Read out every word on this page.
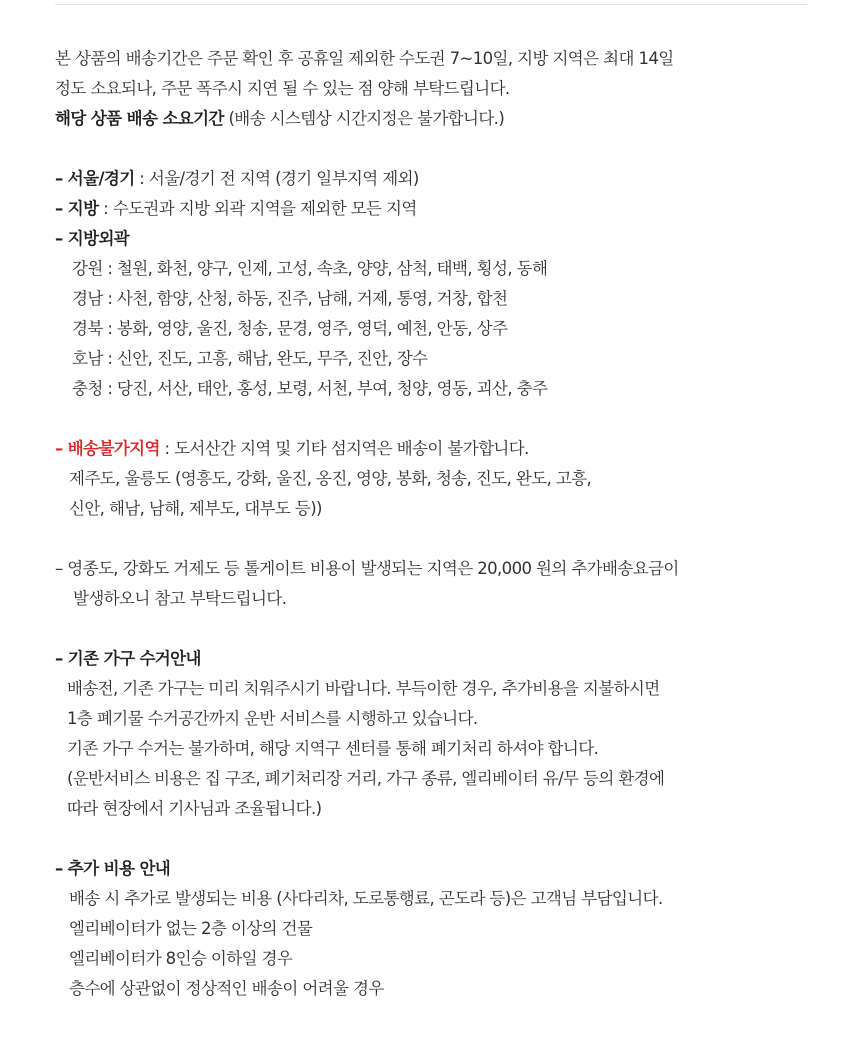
본 상품의 배송기간은 주문 확인 후 공휴일 제외한 수도권 7~10일, 지방 지역은 최대 14일
정도 소요되나, 주문 폭주시 지연 될 수 있는 점 양해 부탁드립니다.
해당 상품 배송 소요기간 (배송 시스템상 시간지정은 불가합니다.)
– 서울/경기 : 서울/경기 전 지역 (경기 일부지역 제외)
– 지방 : 수도권과 지방 외곽 지역을 제외한 모든 지역
– 지방외곽
강원 : 철원, 화천, 양구, 인제, 고성, 속초, 양양, 삼척, 태백, 횡성, 동해
경남 : 사천, 함양, 산청, 하동, 진주, 남해, 거제, 통영, 거창, 합천
경북 : 봉화, 영양, 울진, 청송, 문경, 영주, 영덕, 예천, 안동, 상주
호남 : 신안, 진도, 고흥, 해남, 완도, 무주, 진안, 장수
충청 : 당진, 서산, 태안, 홍성, 보령, 서천, 부여, 청양, 영동, 괴산, 충주
– 배송불가지역 : 도서산간 지역 및 기타 섬지역은 배송이 불가합니다.
제주도, 울릉도 (영흥도, 강화, 울진, 옹진, 영양, 봉화, 청송, 진도, 완도, 고흥,
신안, 해남, 남해, 제부도, 대부도 등))
– 영종도, 강화도 거제도 등 톨게이트 비용이 발생되는 지역은 20,000 원의 추가배송요금이
발생하오니 참고 부탁드립니다.
– 기존 가구 수거안내
배송전, 기존 가구는 미리 치워주시기 바랍니다. 부득이한 경우, 추가비용을 지불하시면
1층 폐기물 수거공간까지 운반 서비스를 시행하고 있습니다.
기존 가구 수거는 불가하며, 해당 지역구 센터를 통해 폐기처리 하셔야 합니다.
(운반서비스 비용은 집 구조, 폐기처리장 거리, 가구 종류, 엘리베이터 유/무 등의 환경에
따라 현장에서 기사님과 조율됩니다.)
– 추가 비용 안내
배송 시 추가로 발생되는 비용 (사다리차, 도로통행료, 곤도라 등)은 고객님 부담입니다.
엘리베이터가 없는 2층 이상의 건물
엘리베이터가 8인승 이하일 경우
층수에 상관없이 정상적인 배송이 어려울 경우
